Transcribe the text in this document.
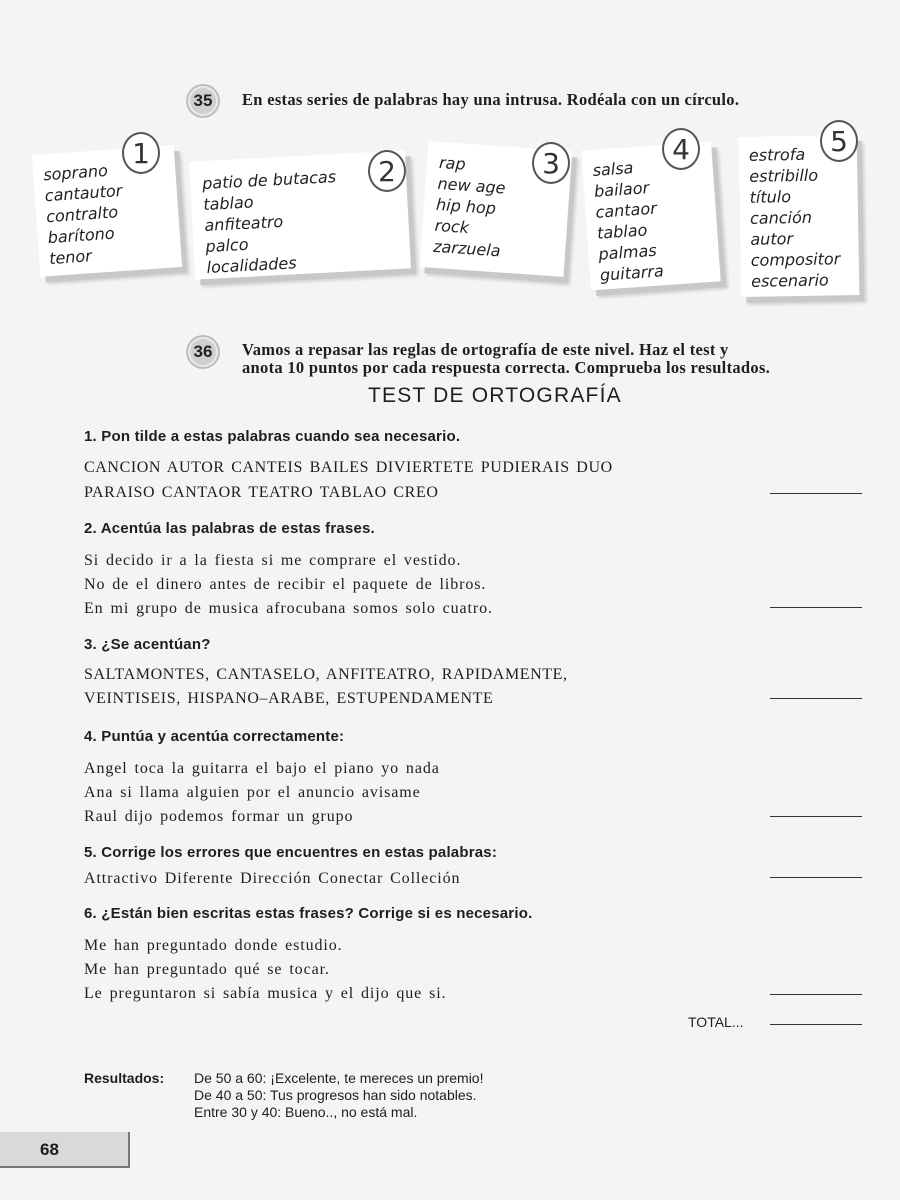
35	En estas series de palabras hay una intrusa. Rodéala con un círculo.
soprano
cantautor
contralto
barítono
tenor
1
patio de butacas
tablao
anfiteatro
palco
localidades
2	rap
new age
hip hop
rock
zarzuela
3	salsa
bailaor
cantaor
tablao
palmas
guitarra
4	estrofa
estribillo
título
canción
autor
compositor
escenario
5
36	Vamos a repasar las reglas de ortografía de este nivel. Haz el test y
anota 10 puntos por cada respuesta correcta. Comprueba los resultados.
TEST DE ORTOGRAFÍA
1. Pon tilde a estas palabras cuando sea necesario.
CANCION AUTOR CANTEIS BAILES DIVIERTETE PUDIERAIS DUO
PARAISO CANTAOR TEATRO TABLAO CREO
2. Acentúa las palabras de estas frases.
Si decido ir a la fiesta si me comprare el vestido.
No de el dinero antes de recibir el paquete de libros.
En mi grupo de musica afrocubana somos solo cuatro.
3. ¿Se acentúan?
SALTAMONTES, CANTASELO, ANFITEATRO, RAPIDAMENTE,
VEINTISEIS, HISPANO–ARABE, ESTUPENDAMENTE
4. Puntúa y acentúa correctamente:
Angel toca la guitarra el bajo el piano yo nada
Ana si llama alguien por el anuncio avisame
Raul dijo podemos formar un grupo
5. Corrige los errores que encuentres en estas palabras:
Attractivo Diferente Dirección Conectar Colleción
6. ¿Están bien escritas estas frases? Corrige si es necesario.
Me han preguntado donde estudio.
Me han preguntado qué se tocar.
Le preguntaron si sabía musica y el dijo que si.
TOTAL...
Resultados: De 50 a 60: ¡Excelente, te mereces un premio!
De 40 a 50: Tus progresos han sido notables.
Entre 30 y 40: Bueno.., no está mal.
68
